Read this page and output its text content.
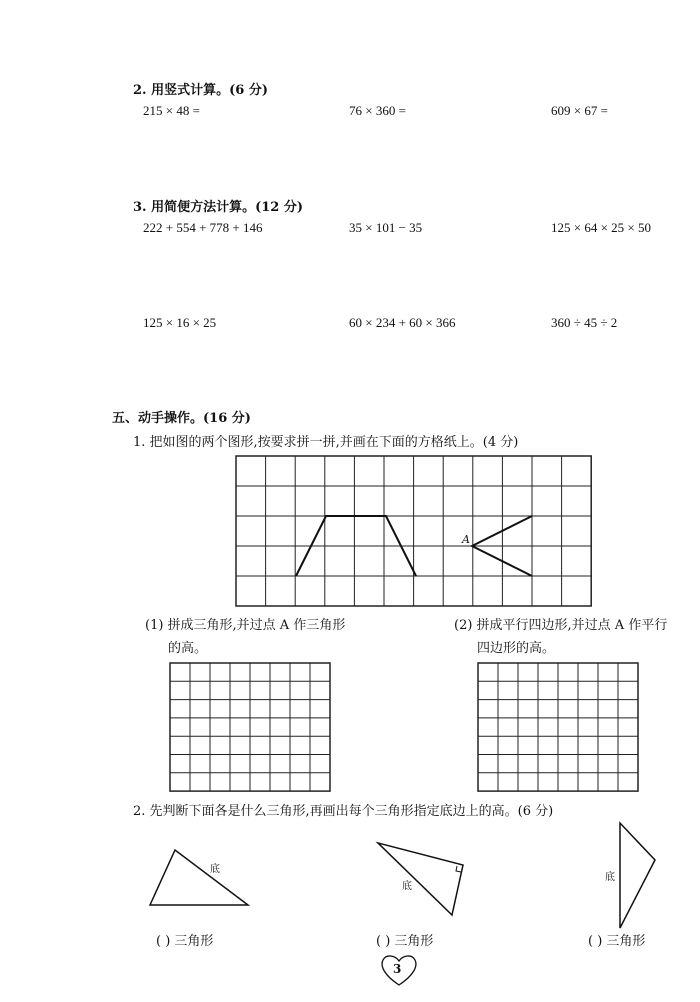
2. 用竖式计算。(6 分)
215 × 48 =	76 × 360 =	609 × 67 =
3. 用简便方法计算。(12 分)
222 + 554 + 778 + 146	35 × 101 − 35	125 × 64 × 25 × 50
125 × 16 × 25	60 × 234 + 60 × 366	360 ÷ 45 ÷ 2
五、动手操作。(16 分)
1. 把如图的两个图形,按要求拼一拼,并画在下面的方格纸上。(4 分)
A
(1) 拼成三角形,并过点 A 作三角形
的高。
(2) 拼成平行四边形,并过点 A 作平行
四边形的高。
2. 先判断下面各是什么三角形,再画出每个三角形指定底边上的高。(6 分)
底
底
底
( ) 三角形	( ) 三角形	( ) 三角形
3
